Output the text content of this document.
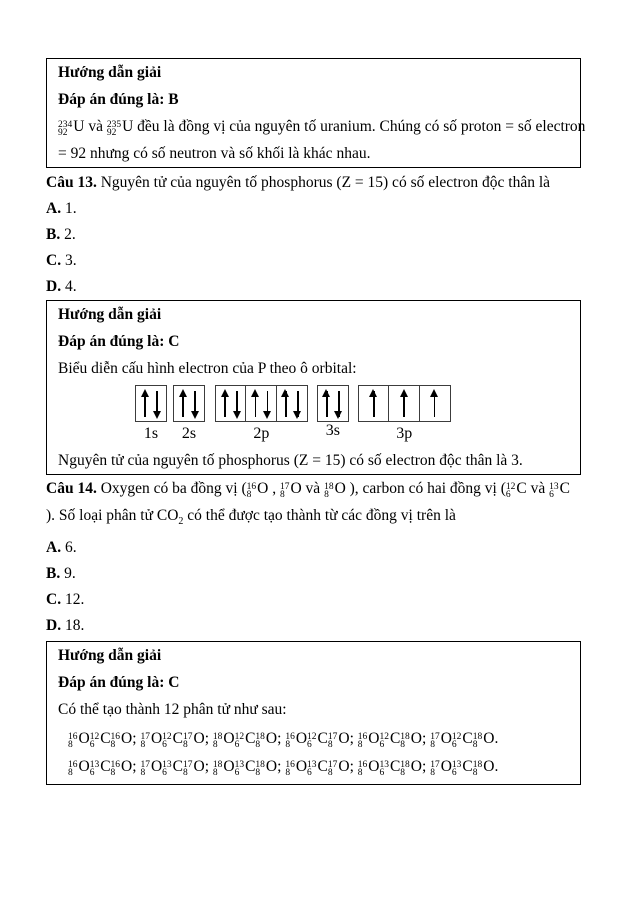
Hướng dẫn giải
Đáp án đúng là: B
234
92 U và 235
92 U đều là đồng vị của nguyên tố uranium. Chúng có số proton = số electron
= 92 nhưng có số neutron và số khối là khác nhau.
Câu 13. Nguyên tử của nguyên tố phosphorus (Z = 15) có số electron độc thân là
A. 1.
B. 2.
C. 3.
D. 4.
Hướng dẫn giải
Đáp án đúng là: C
Biểu diễn cấu hình electron của P theo ô orbital:
1s 2s	2p	3s	3p
Nguyên tử của nguyên tố phosphorus (Z = 15) có số electron độc thân là 3.
Câu 14. Oxygen có ba đồng vị ( 16
8 O , 17
8 O và 18
8 O ), carbon có hai đồng vị ( 12
6 C và 13
6 C
). Số loại phân tử $CO_2$ có thể được tạo thành từ các đồng vị trên là
A. 6.
B. 9.
C. 12.
D. 18.
Hướng dẫn giải
Đáp án đúng là: C
Có thể tạo thành 12 phân tử như sau:
16
8 O 12
6 C 16
8 O; 17
8 O 12
6 C 17
8 O; 18
8 O 12
6 C 18
8 O; 16
8 O 12
6 C 17
8 O; 16
8 O 12
6 C 18
8 O; 17
8 O 12
6 C 18
8 O.
16
8 O 13
6 C 16
8 O; 17
8 O 13
6 C 17
8 O; 18
8 O 13
6 C 18
8 O; 16
8 O 13
6 C 17
8 O; 16
8 O 13
6 C 18
8 O; 17
8 O 13
6 C 18
8 O.
